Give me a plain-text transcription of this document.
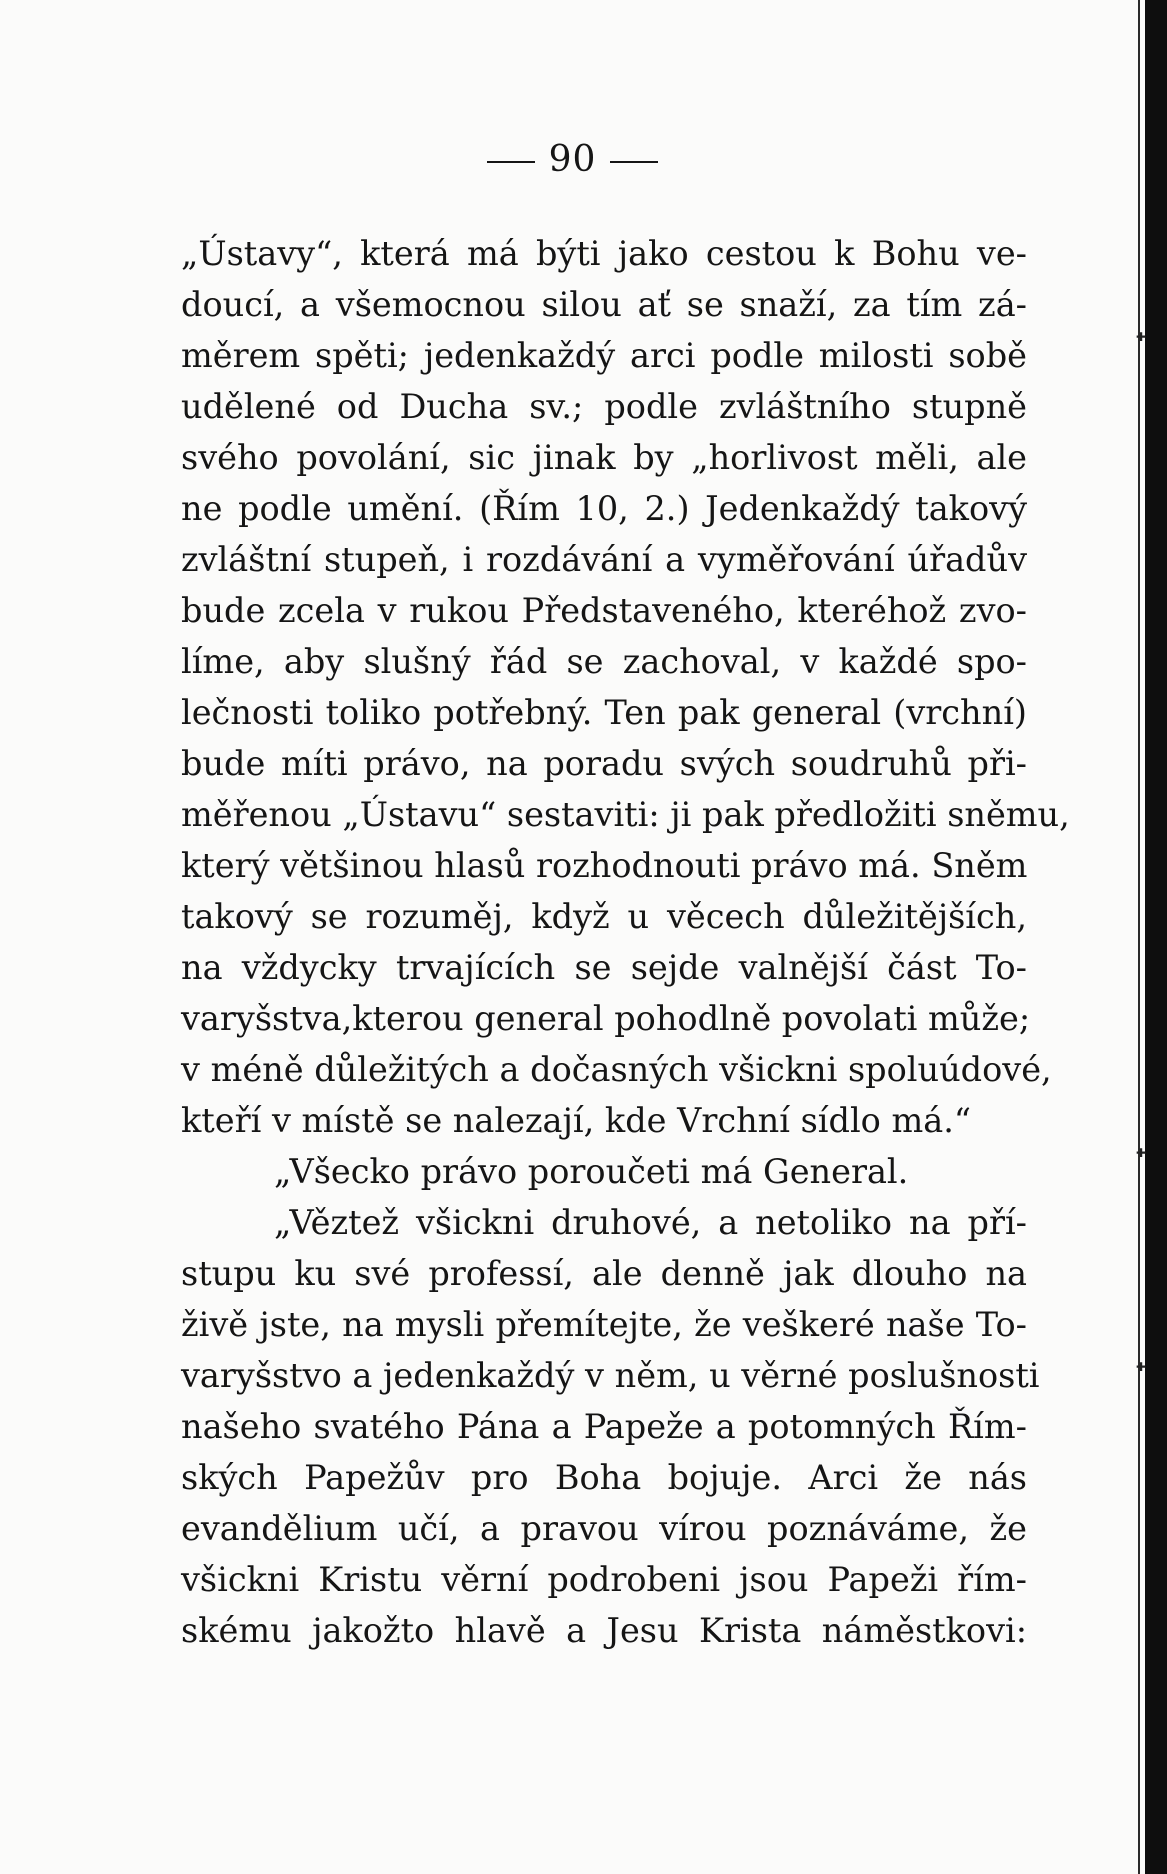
90
„Ústavy“, která má býti jako cestou k Bohu ve-
doucí, a všemocnou silou ať se snaží, za tím zá-
měrem spěti; jedenkaždý arci podle milosti sobě
udělené od Ducha sv.; podle zvláštního stupně
svého povolání, sic jinak by „horlivost měli, ale
ne podle umění. (Řím 10, 2.) Jedenkaždý takový
zvláštní stupeň, i rozdávání a vyměřování úřadův
bude zcela v rukou Představeného, kteréhož zvo-
líme, aby slušný řád se zachoval, v každé spo-
lečnosti toliko potřebný. Ten pak general (vrchní)
bude míti právo, na poradu svých soudruhů při-
měřenou „Ústavu“ sestaviti: ji pak předložiti sněmu,
který většinou hlasů rozhodnouti právo má. Sněm
takový se rozuměj, když u věcech důležitějších,
na vždycky trvajících se sejde valnější část To-
varyšstva,kterou general pohodlně povolati může;
v méně důležitých a dočasných všickni spoluúdové,
kteří v místě se nalezají, kde Vrchní sídlo má.“
„Všecko právo poroučeti má General.
„Věztež všickni druhové, a netoliko na pří-
stupu ku své professí, ale denně jak dlouho na
živě jste, na mysli přemítejte, že veškeré naše To-
varyšstvo a jedenkaždý v něm, u věrné poslušnosti
našeho svatého Pána a Papeže a potomných Řím-
ských Papežův pro Boha bojuje. Arci že nás
evandělium učí, a pravou vírou poznáváme, že
všickni Kristu věrní podrobeni jsou Papeži řím-
skému jakožto hlavě a Jesu Krista náměstkovi:
✚
✚
✚
